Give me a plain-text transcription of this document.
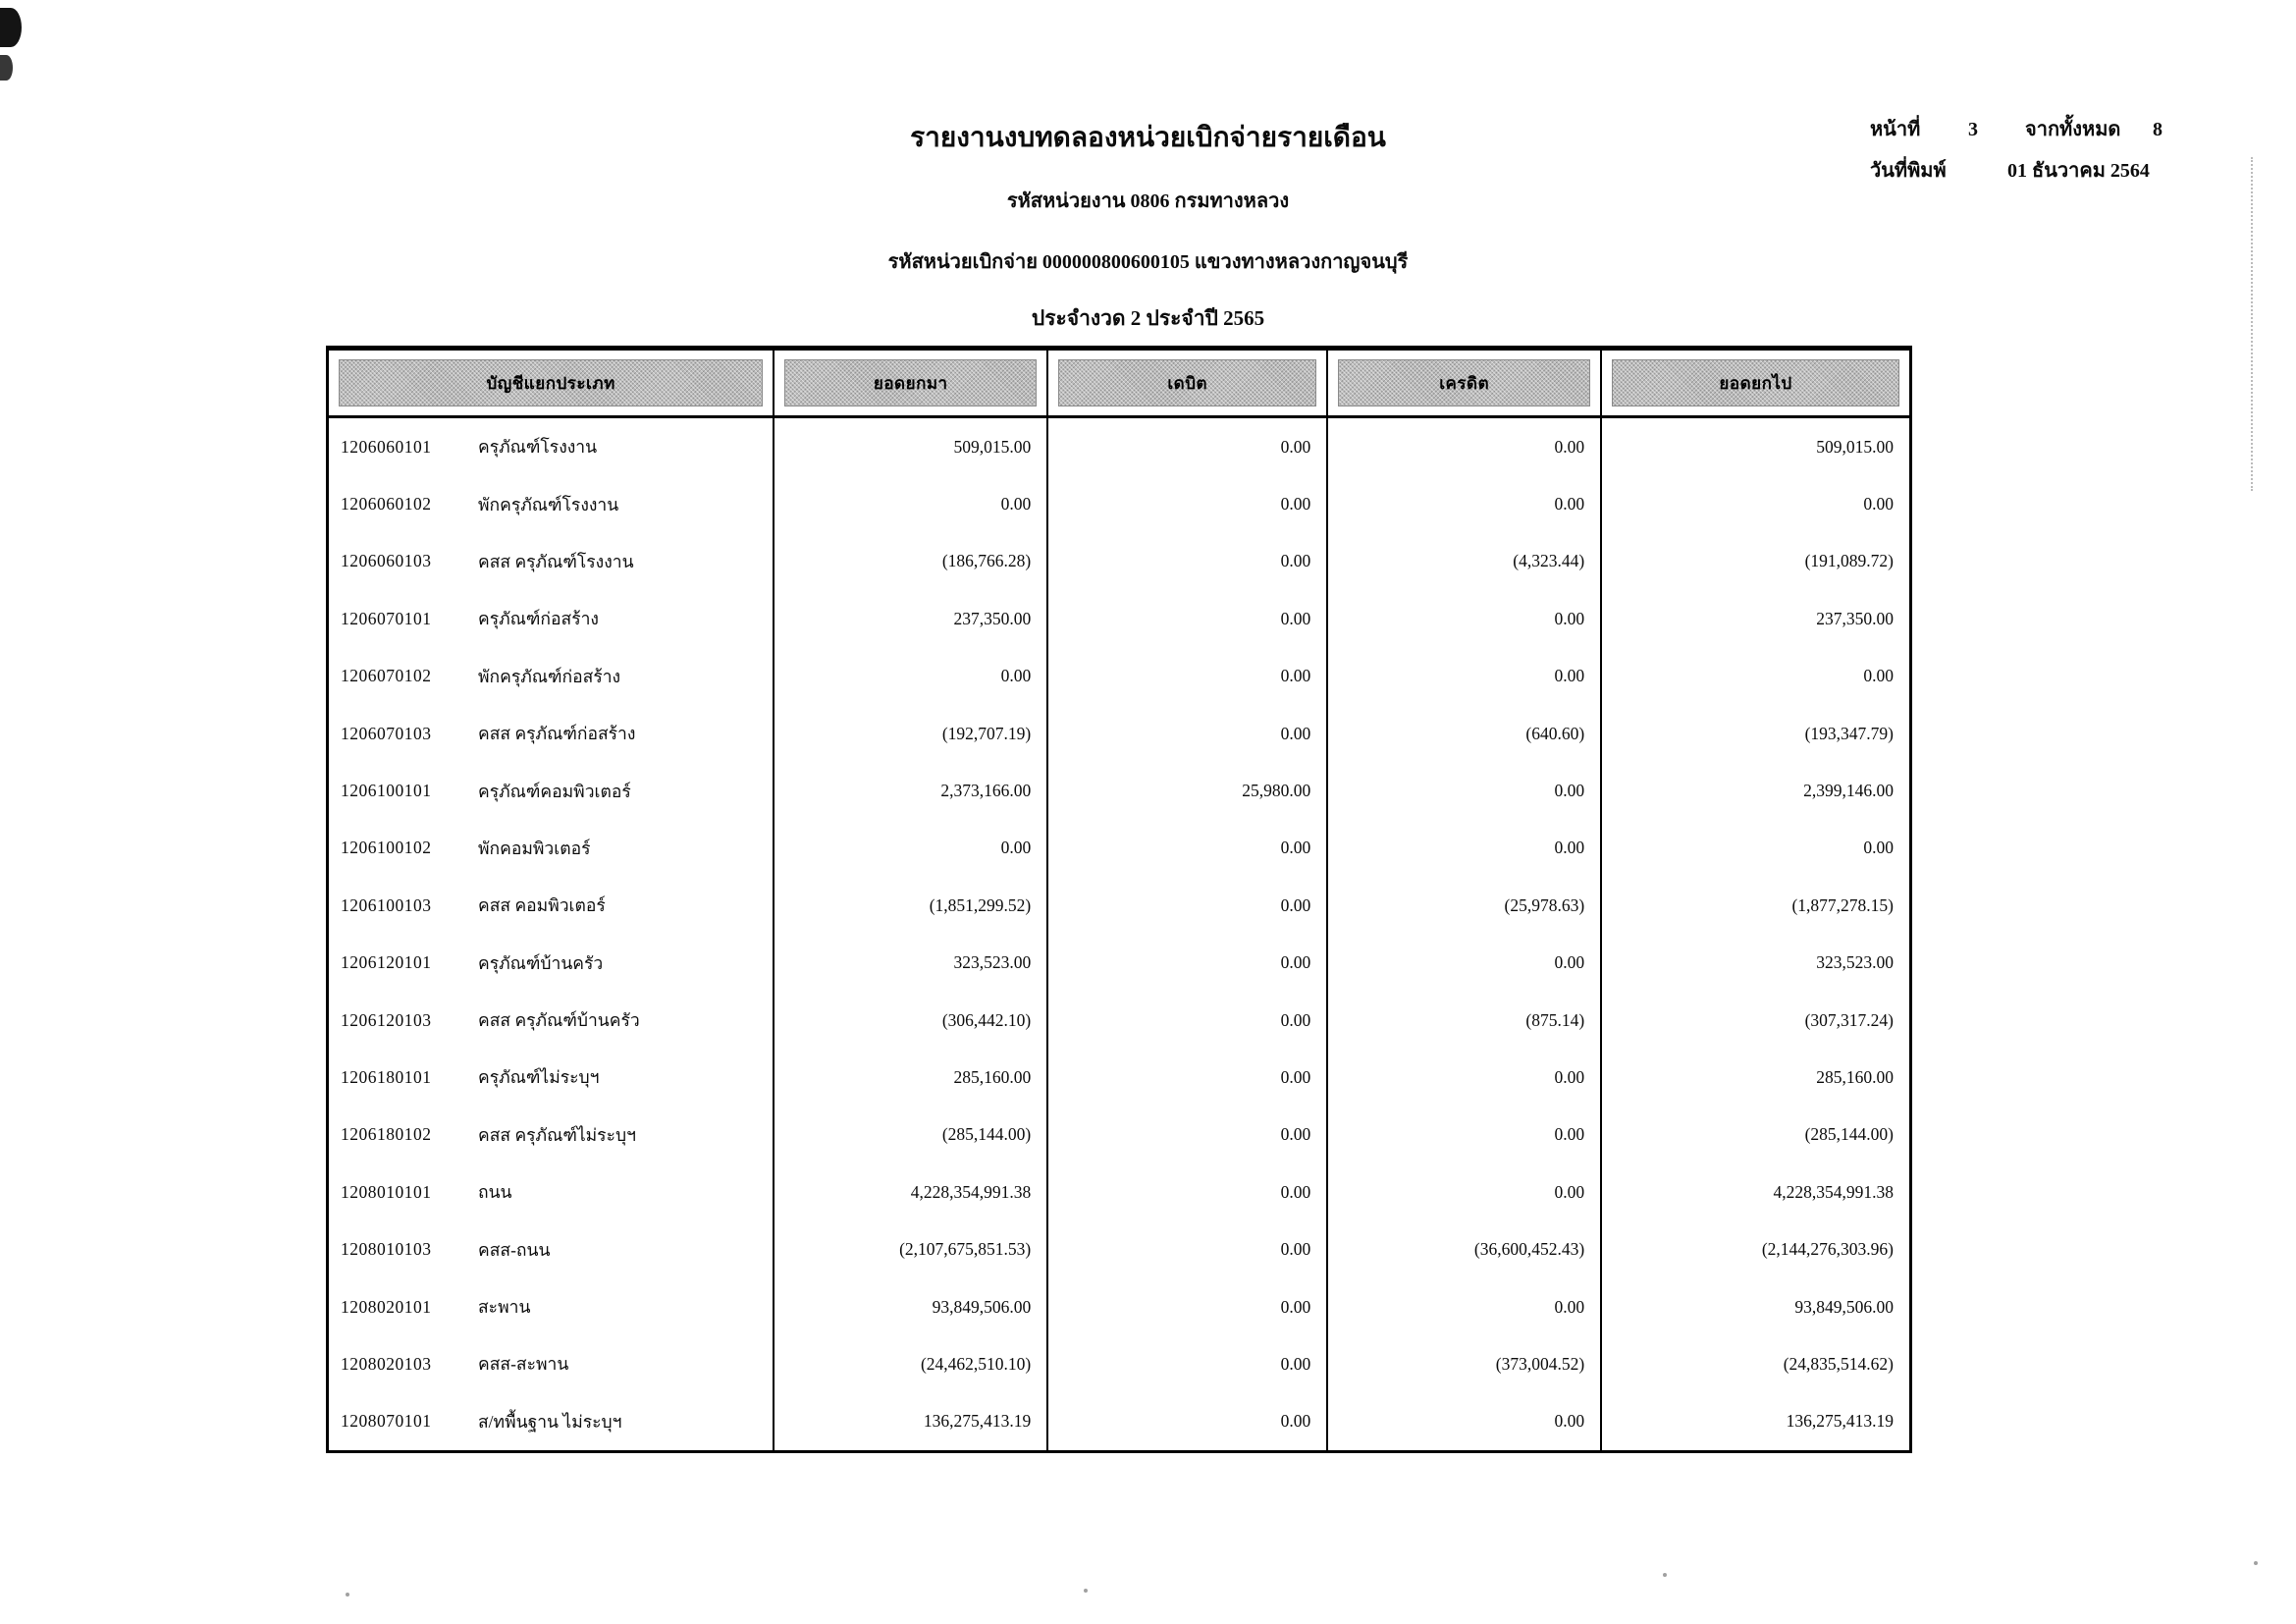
หน้าที่	3	จากทั้งหมด	8
วันที่พิมพ์	01 ธันวาคม 2564
รายงานงบทดลองหน่วยเบิกจ่ายรายเดือน
รหัสหน่วยงาน 0806 กรมทางหลวง
รหัสหน่วยเบิกจ่าย 000000800600105 แขวงทางหลวงกาญจนบุรี
ประจำงวด 2 ประจำปี 2565
บัญชีแยกประเภท	ยอดยกมา	เดบิต	เครดิต	ยอดยกไป
1206060101	ครุภัณฑ์โรงงาน	509,015.00	0.00	0.00	509,015.00
1206060102	พักครุภัณฑ์โรงงาน	0.00	0.00	0.00	0.00
1206060103	คสส ครุภัณฑ์โรงงาน	(186,766.28)	0.00	(4,323.44)	(191,089.72)
1206070101	ครุภัณฑ์ก่อสร้าง	237,350.00	0.00	0.00	237,350.00
1206070102	พักครุภัณฑ์ก่อสร้าง	0.00	0.00	0.00	0.00
1206070103	คสส ครุภัณฑ์ก่อสร้าง	(192,707.19)	0.00	(640.60)	(193,347.79)
1206100101	ครุภัณฑ์คอมพิวเตอร์	2,373,166.00	25,980.00	0.00	2,399,146.00
1206100102	พักคอมพิวเตอร์	0.00	0.00	0.00	0.00
1206100103	คสส คอมพิวเตอร์	(1,851,299.52)	0.00	(25,978.63)	(1,877,278.15)
1206120101	ครุภัณฑ์บ้านครัว	323,523.00	0.00	0.00	323,523.00
1206120103	คสส ครุภัณฑ์บ้านครัว	(306,442.10)	0.00	(875.14)	(307,317.24)
1206180101	ครุภัณฑ์ไม่ระบุฯ	285,160.00	0.00	0.00	285,160.00
1206180102	คสส ครุภัณฑ์ไม่ระบุฯ	(285,144.00)	0.00	0.00	(285,144.00)
1208010101	ถนน	4,228,354,991.38	0.00	0.00	4,228,354,991.38
1208010103	คสส-ถนน	(2,107,675,851.53)	0.00	(36,600,452.43)	(2,144,276,303.96)
1208020101	สะพาน	93,849,506.00	0.00	0.00	93,849,506.00
1208020103	คสส-สะพาน	(24,462,510.10)	0.00	(373,004.52)	(24,835,514.62)
1208070101	ส/ทพื้นฐาน ไม่ระบุฯ	136,275,413.19	0.00	0.00	136,275,413.19
